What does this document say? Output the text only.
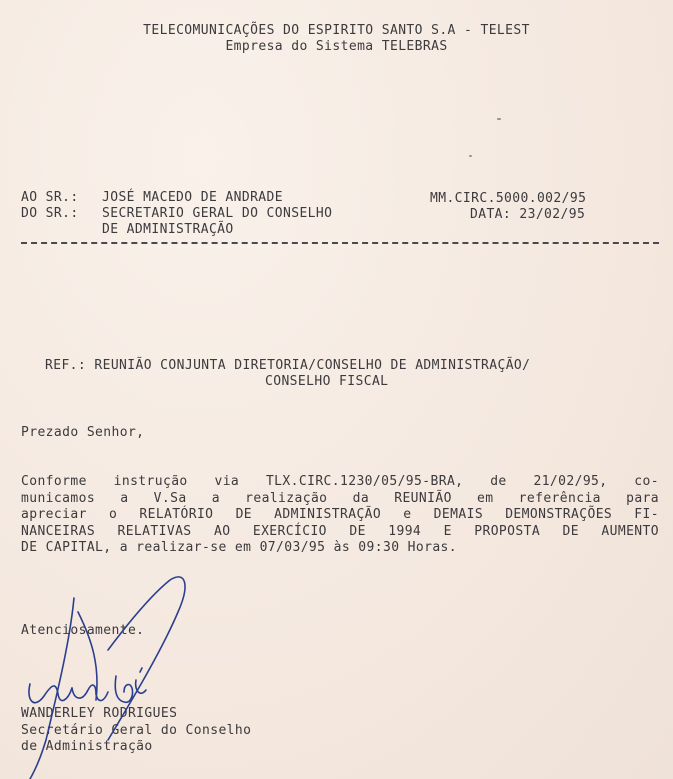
TELECOMUNICAÇÕES DO ESPIRITO SANTO S.A - TELEST
Empresa do Sistema TELEBRAS
AO SR.: JOSÉ MACEDO DE ANDRADE
DO SR.: SECRETARIO GERAL DO CONSELHO
DE ADMINISTRAÇÃO
MM.CIRC.5000.002/95
DATA: 23/02/95
REF.: REUNIÃO CONJUNTA DIRETORIA/CONSELHO DE ADMINISTRAÇÃO/
CONSELHO FISCAL
Prezado Senhor,
Conforme instrução via TLX.CIRC.1230/05/95-BRA, de 21/02/95, co-
municamos a V.Sa a realização da REUNIÃO em referência para
apreciar o RELATÓRIO DE ADMINISTRAÇÃO e DEMAIS DEMONSTRAÇÕES FI-
NANCEIRAS RELATIVAS AO EXERCÍCIO DE 1994 E PROPOSTA DE AUMENTO
DE CAPITAL, a realizar-se em 07/03/95 às 09:30 Horas.
Atenciosamente.
WANDERLEY RODRIGUES
Secretário Geral do Conselho
de Administração
